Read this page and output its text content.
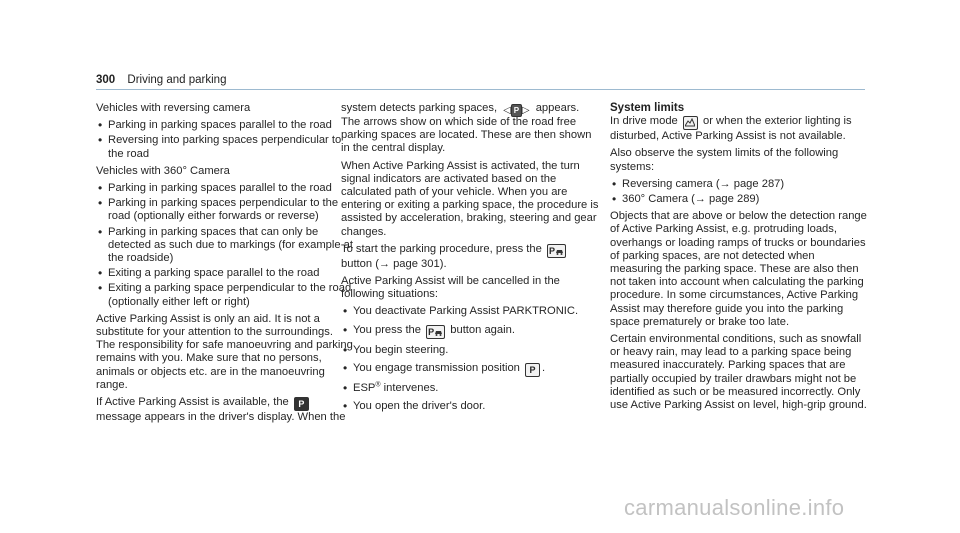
300 Driving and parking

Vehicles with reversing camera

• Parking in parking spaces parallel to the road
• Reversing into parking spaces perpendicular to the road

Vehicles with 360° Camera

• Parking in parking spaces parallel to the road
• Parking in parking spaces perpendicular to the road (optionally either forwards or reverse)
• Parking in parking spaces that can only be detected as such due to markings (for example at the roadside)
• Exiting a parking space parallel to the road
• Exiting a parking space perpendicular to the road (optionally either left or right)

Active Parking Assist is only an aid. It is not a substitute for your attention to the surroundings. The responsibility for safe manoeuvring and parking remains with you. Make sure that no persons, animals or objects etc. are in the manoeuvring range.

If Active Parking Assist is available, the P message appears in the driver's display. When the

system detects parking spaces, ◁ P ▷ appears. The arrows show on which side of the road free parking spaces are located. These are then shown in the central display.

When Active Parking Assist is activated, the turn signal indicators are activated based on the calculated path of your vehicle. When you are entering or exiting a parking space, the procedure is assisted by acceleration, braking, steering and gear changes.

To start the parking procedure, press the P button (→ page 301).

Active Parking Assist will be cancelled in the following situations:

• You deactivate Parking Assist PARKTRONIC.
• You press the P button again.
• You begin steering.
• You engage transmission position P .
• ESP® intervenes.
• You open the driver's door.

System limits

In drive mode or when the exterior lighting is disturbed, Active Parking Assist is not available.

Also observe the system limits of the following systems:

• Reversing camera (→ page 287)
• 360° Camera (→ page 289)

Objects that are above or below the detection range of Active Parking Assist, e.g. protruding loads, overhangs or loading ramps of trucks or boundaries of parking spaces, are not detected when measuring the parking space. These are also then not taken into account when calculating the parking procedure. In some circumstances, Active Parking Assist may therefore guide you into the parking space prematurely or brake too late.

Certain environmental conditions, such as snowfall or heavy rain, may lead to a parking space being measured inaccurately. Parking spaces that are partially occupied by trailer drawbars might not be identified as such or be measured incorrectly. Only use Active Parking Assist on level, high-grip ground.

carmanualsonline.info
